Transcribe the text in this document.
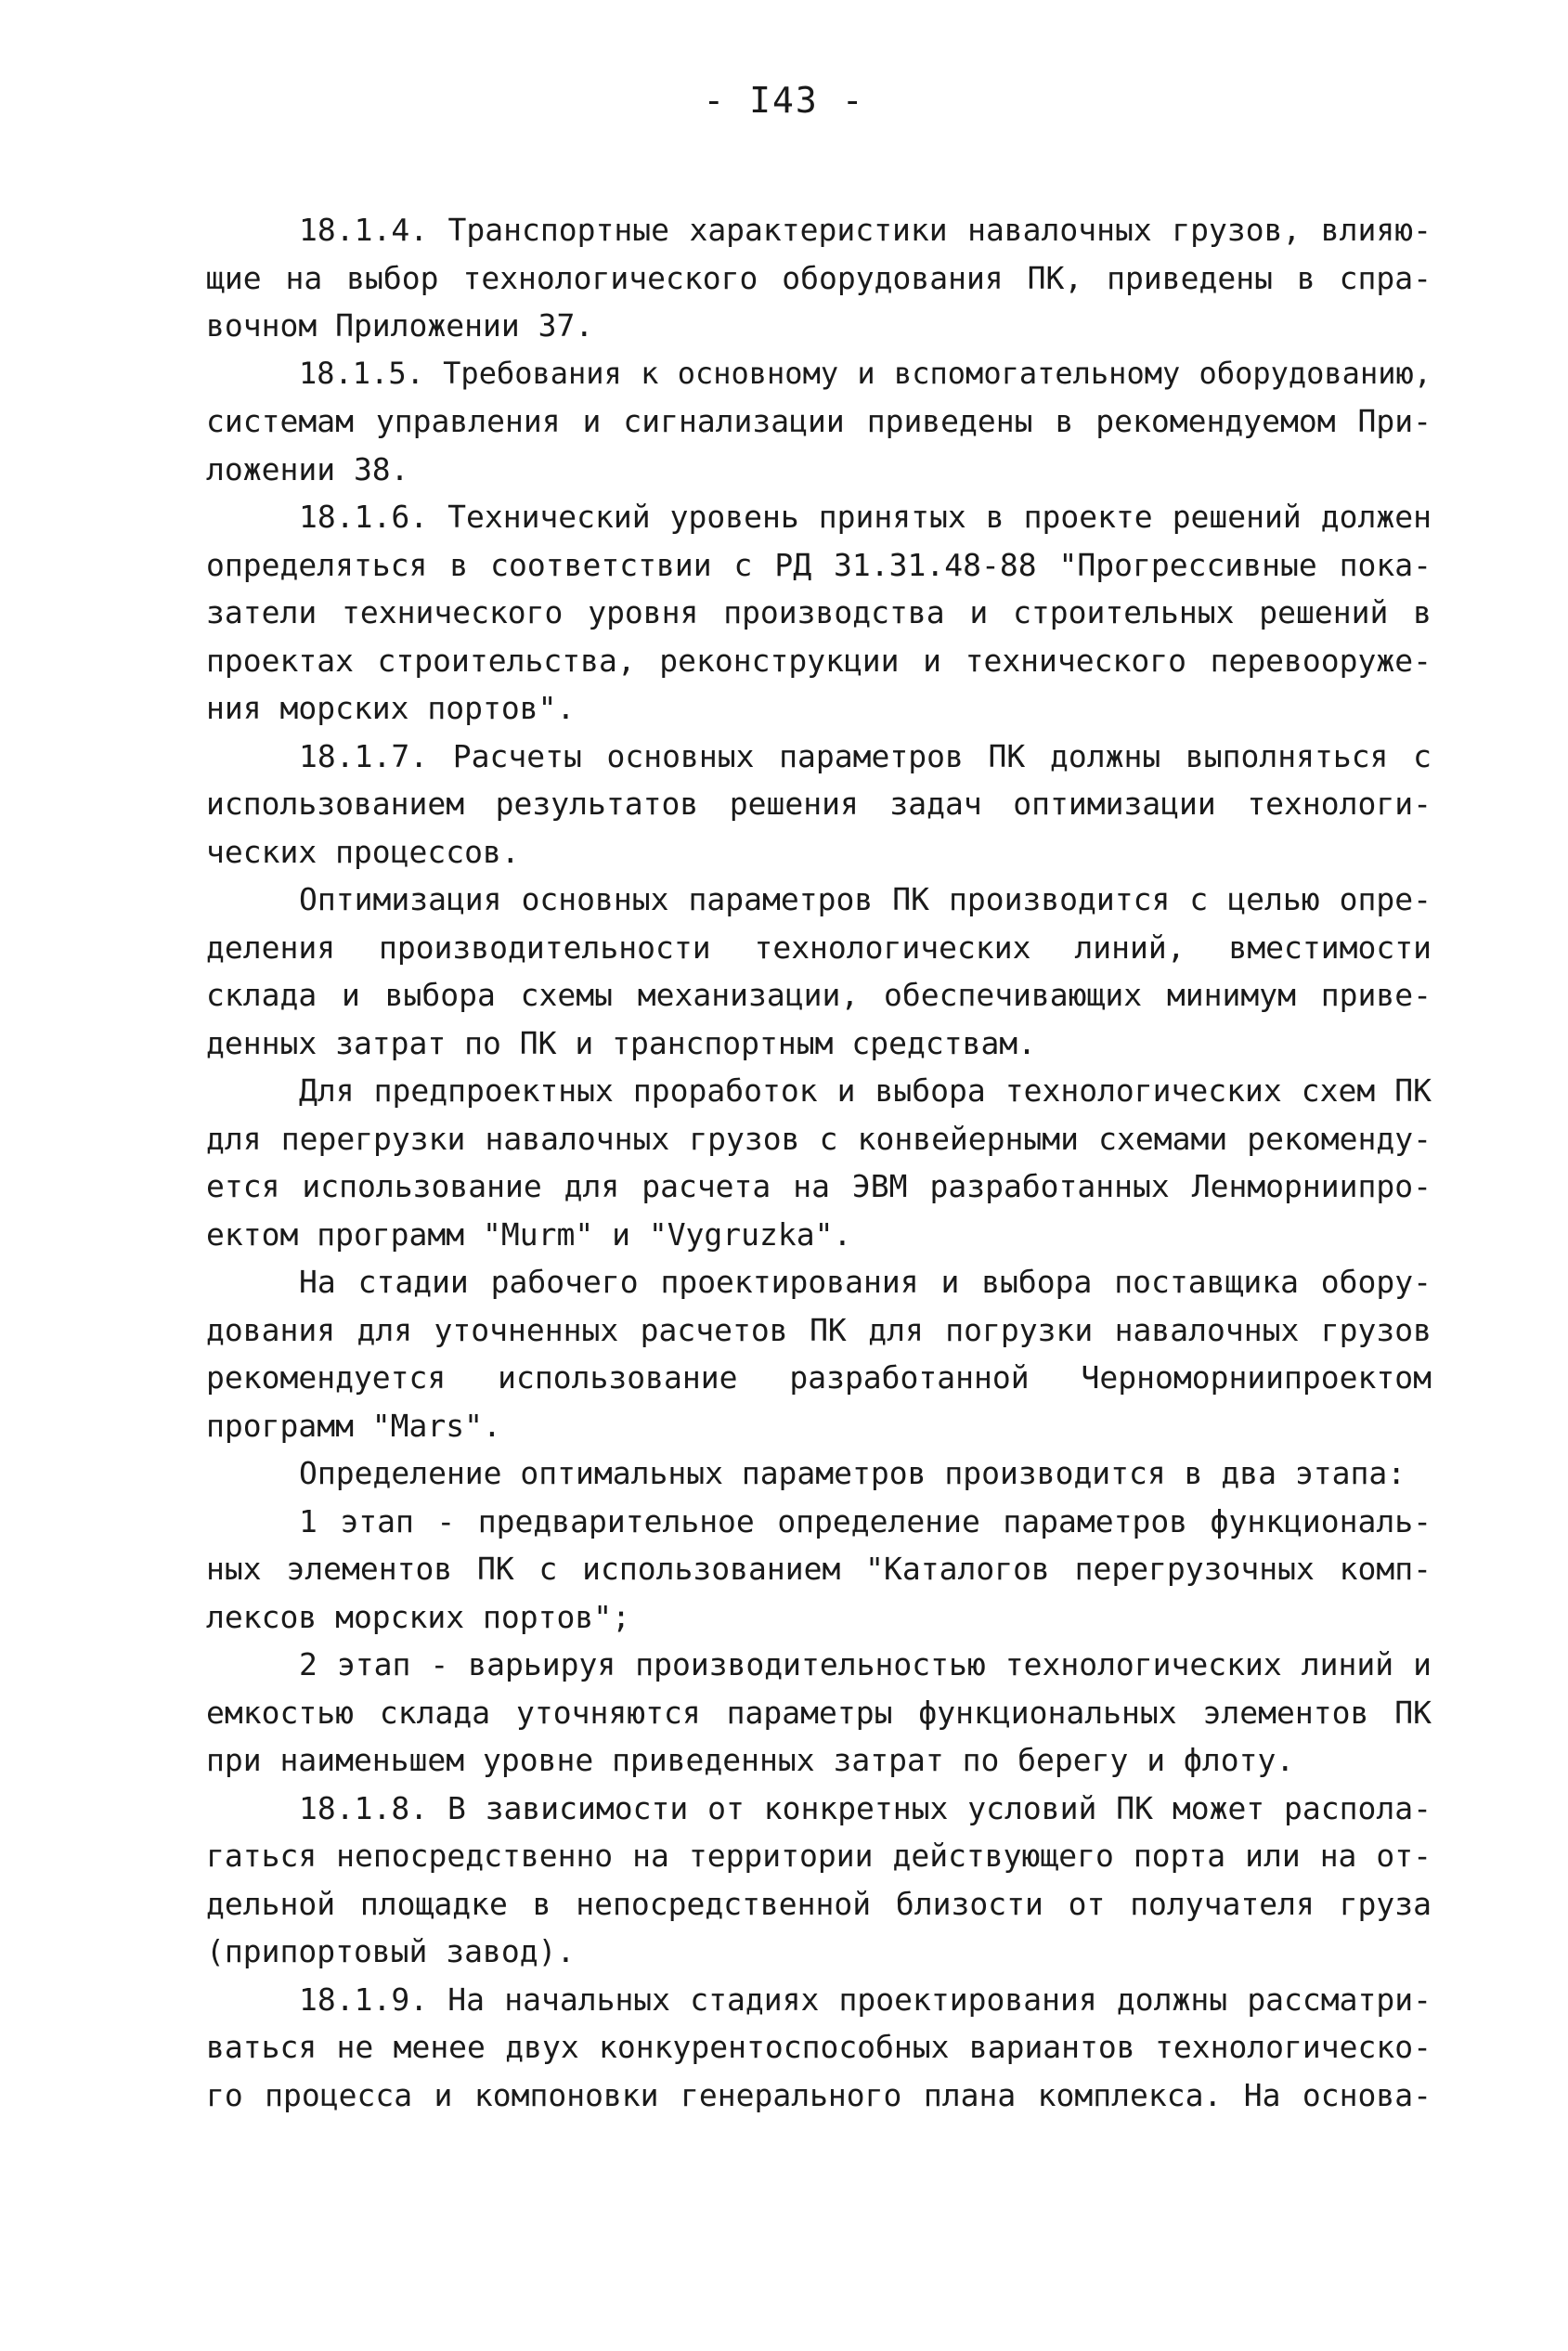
- I43 -
18.1.4. Транспортные характеристики навалочных грузов, влияю-
щие на выбор технологического оборудования ПК, приведены в спра-
вочном Приложении 37.
18.1.5. Требования к основному и вспомогательному оборудованию,
системам управления и сигнализации приведены в рекомендуемом При-
ложении 38.
18.1.6. Технический уровень принятых в проекте решений должен
определяться в соответствии с РД 31.31.48-88 "Прогрессивные пока-
затели технического уровня производства и строительных решений в
проектах строительства, реконструкции и технического перевооруже-
ния морских портов".
18.1.7. Расчеты основных параметров ПК должны выполняться с
использованием результатов решения задач оптимизации технологи-
ческих процессов.
Оптимизация основных параметров ПК производится с целью опре-
деления производительности технологических линий, вместимости
склада и выбора схемы механизации, обеспечивающих минимум приве-
денных затрат по ПК и транспортным средствам.
Для предпроектных проработок и выбора технологических схем ПК
для перегрузки навалочных грузов с конвейерными схемами рекоменду-
ется использование для расчета на ЭВМ разработанных Ленморниипро-
ектом программ "Murm" и "Vygruzka".
На стадии рабочего проектирования и выбора поставщика обору-
дования для уточненных расчетов ПК для погрузки навалочных грузов
рекомендуется использование разработанной Черноморниипроектом
программ "Mars".
Определение оптимальных параметров производится в два этапа:
1 этап - предварительное определение параметров функциональ-
ных элементов ПК с использованием "Каталогов перегрузочных комп-
лексов морских портов";
2 этап - варьируя производительностью технологических линий и
емкостью склада уточняются параметры функциональных элементов ПК
при наименьшем уровне приведенных затрат по берегу и флоту.
18.1.8. В зависимости от конкретных условий ПК может распола-
гаться непосредственно на территории действующего порта или на от-
дельной площадке в непосредственной близости от получателя груза
(припортовый завод).
18.1.9. На начальных стадиях проектирования должны рассматри-
ваться не менее двух конкурентоспособных вариантов технологическо-
го процесса и компоновки генерального плана комплекса. На основа-
